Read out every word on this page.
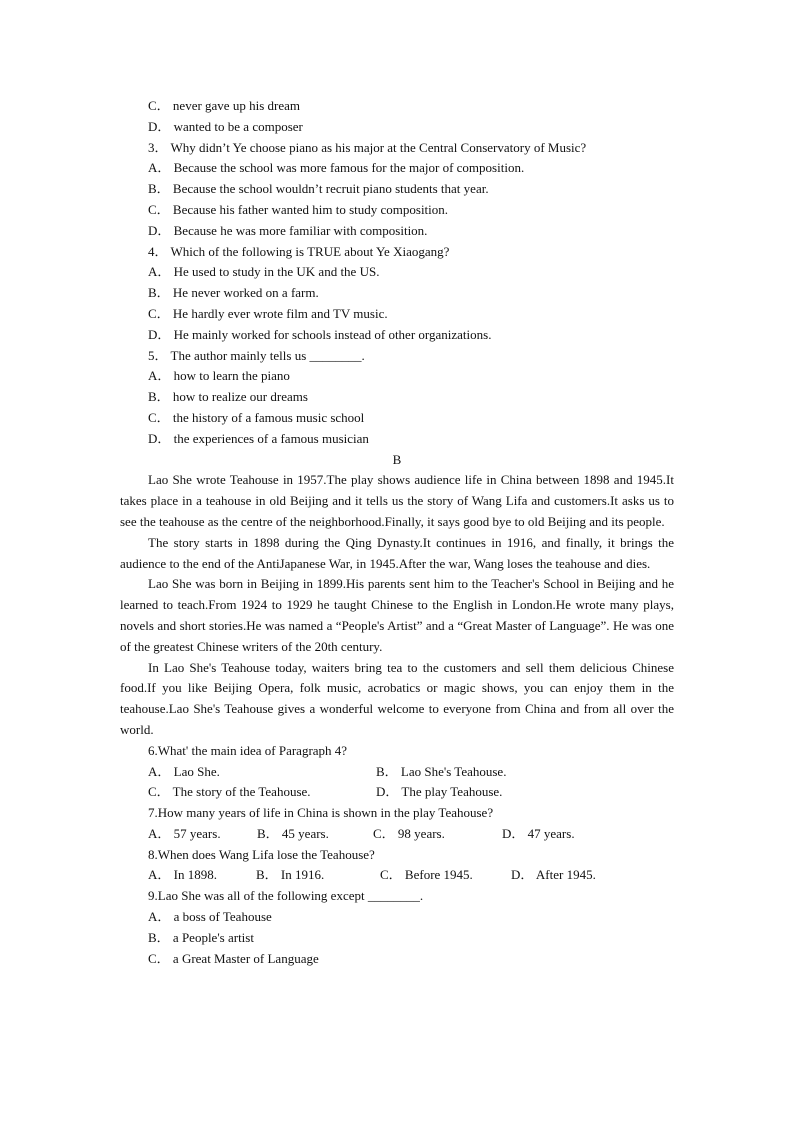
C． never gave up his dream
D． wanted to be a composer
3． Why didn’t Ye choose piano as his major at the Central Conservatory of Music?
A． Because the school was more famous for the major of composition.
B． Because the school wouldn’t recruit piano students that year.
C． Because his father wanted him to study composition.
D． Because he was more familiar with composition.
4． Which of the following is TRUE about Ye Xiaogang?
A． He used to study in the UK and the US.
B． He never worked on a farm.
C． He hardly ever wrote film and TV music.
D． He mainly worked for schools instead of other organizations.
5． The author mainly tells us ________.
A． how to learn the piano
B． how to realize our dreams
C． the history of a famous music school
D． the experiences of a famous musician
B
Lao She wrote Teahouse in 1957.The play shows audience life in China between 1898 and 1945.It takes place in a teahouse in old Beijing and it tells us the story of Wang Lifa and customers.It asks us to see the teahouse as the centre of the neighborhood.Finally, it says good bye to old Beijing and its people.
The story starts in 1898 during the Qing Dynasty.It continues in 1916, and finally, it brings the audience to the end of the AntiJapanese War, in 1945.After the war, Wang loses the teahouse and dies.
Lao She was born in Beijing in 1899.His parents sent him to the Teacher's School in Beijing and he learned to teach.From 1924 to 1929 he taught Chinese to the English in London.He wrote many plays, novels and short stories.He was named a “People's Artist” and a “Great Master of Language”. He was one of the greatest Chinese writers of the 20th century.
In Lao She's Teahouse today, waiters bring tea to the customers and sell them delicious Chinese food.If you like Beijing Opera, folk music, acrobatics or magic shows, you can enjoy them in the teahouse.Lao She's Teahouse gives a wonderful welcome to everyone from China and from all over the world.
6.What' the main idea of Paragraph 4?
A． Lao She.	B． Lao She's Teahouse.
C． The story of the Teahouse.	D． The play Teahouse.
7.How many years of life in China is shown in the play Teahouse?
A． 57 years.	B． 45 years.	C． 98 years.	D． 47 years.
8.When does Wang Lifa lose the Teahouse?
A． In 1898.	B． In 1916.	C． Before 1945.	D． After 1945.
9.Lao She was all of the following except ________.
A． a boss of Teahouse
B． a People's artist
C． a Great Master of Language
